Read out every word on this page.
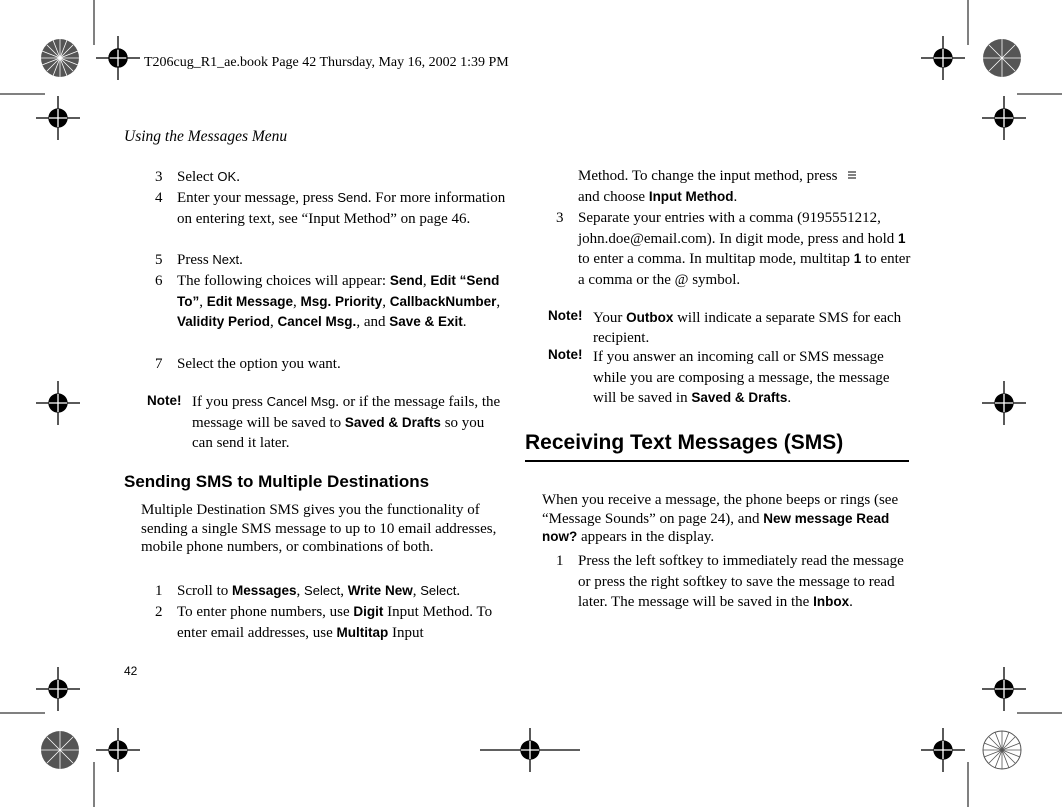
T206cug_R1_ae.book Page 42 Thursday, May 16, 2002 1:39 PM
Using the Messages Menu
42
3 Select OK.
4 Enter your message, press Send. For more information on entering text, see “Input Method” on page 46.
5 Press Next.
6 The following choices will appear: Send, Edit “Send To”, Edit Message, Msg. Priority, CallbackNumber, Validity Period, Cancel Msg., and Save & Exit.
7 Select the option you want.
Note! If you press Cancel Msg. or if the message fails, the message will be saved to Saved & Drafts so you can send it later.
Sending SMS to Multiple Destinations
Multiple Destination SMS gives you the functionality of sending a single SMS message to up to 10 email addresses, mobile phone numbers, or combinations of both.
1 Scroll to Messages, Select, Write New, Select.
2 To enter phone numbers, use Digit Input Method. To enter email addresses, use Multitap Input
Method. To change the input method, press
and choose Input Method.
3 Separate your entries with a comma (9195551212, john.doe@email.com). In digit mode, press and hold 1 to enter a comma. In multitap mode, multitap 1 to enter a comma or the @ symbol.
Note! Your Outbox will indicate a separate SMS for each recipient.
Note! If you answer an incoming call or SMS message while you are composing a message, the message will be saved in Saved & Drafts.
Receiving Text Messages (SMS)
When you receive a message, the phone beeps or rings (see “Message Sounds” on page 24), and New message Read now? appears in the display.
1 Press the left softkey to immediately read the message or press the right softkey to save the message to read later. The message will be saved in the Inbox.
